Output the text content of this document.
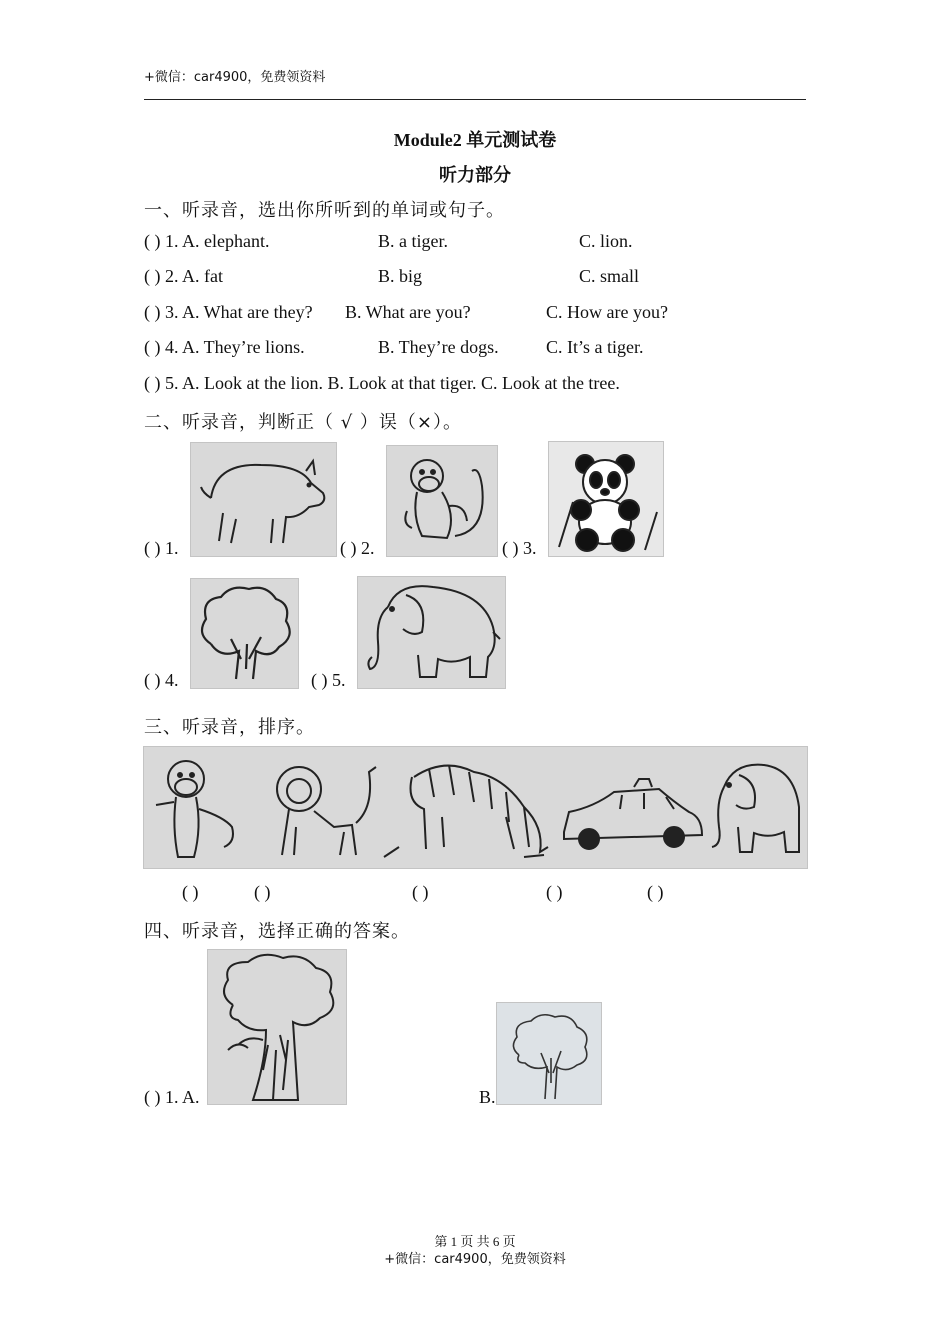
+微信：car4900，免费领资料
Module2 单元测试卷
听力部分
一、听录音，选出你所听到的单词或句子。
( ) 1. A. elephant.	B. a tiger.	C. lion.
( ) 2. A. fat	B. big	C. small
( ) 3. A. What are they? B. What are you?	C. How are you?
( ) 4. A. They’re lions.	B. They’re dogs.	C. It’s a tiger.
( ) 5. A. Look at the lion. B. Look at that tiger. C. Look at the tree.
二、听录音，判断正（ √ ）误（×）。
( ) 1.	( ) 2.	( ) 3.
( ) 4.	( ) 5.
三、听录音，排序。
( )	( )	( )	( )	( )
四、听录音，选择正确的答案。
( ) 1. A.	B.
第 1 页 共 6 页
+微信：car4900，免费领资料
